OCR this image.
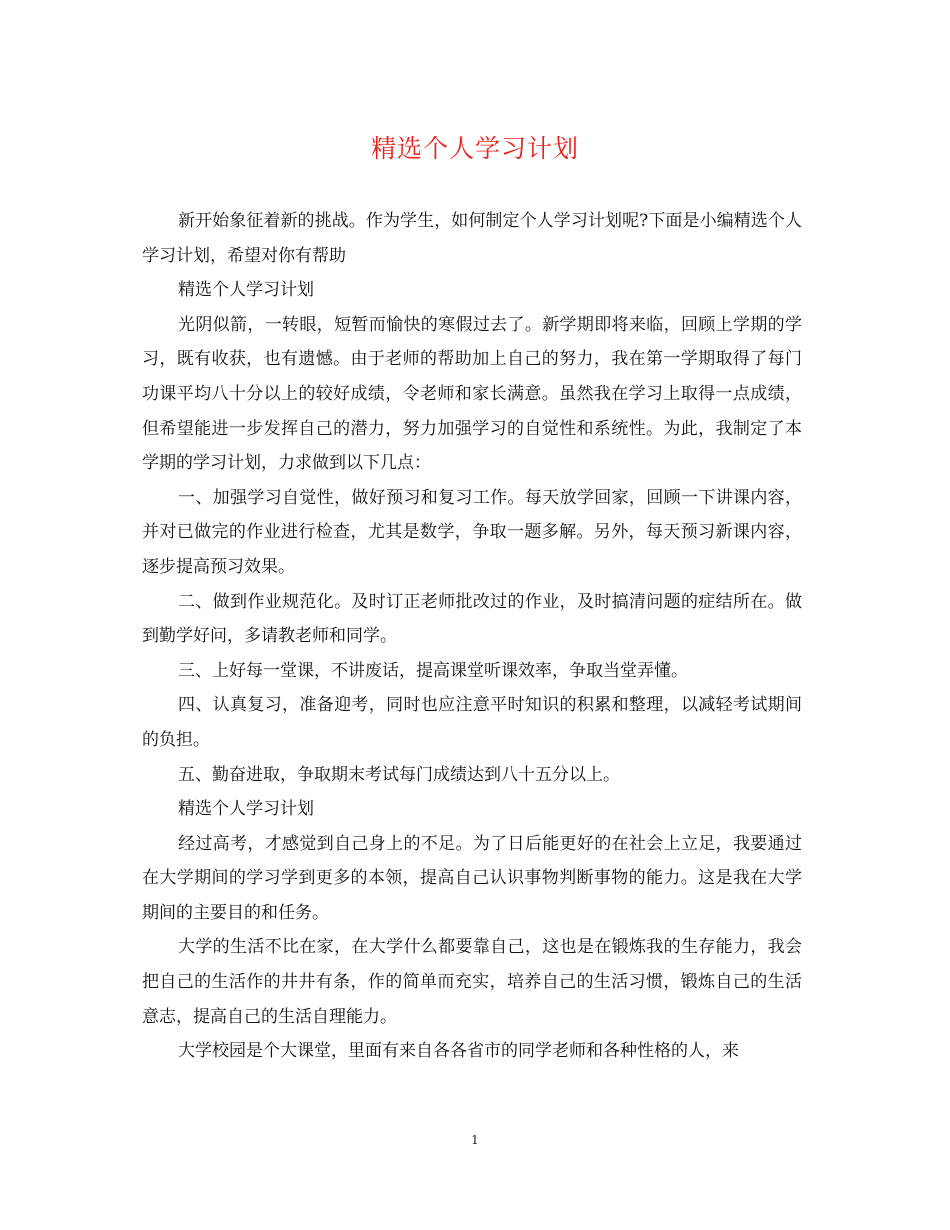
精选个人学习计划

新开始象征着新的挑战。作为学生，如何制定个人学习计划呢?下面是小编精选个人学习计划，希望对你有帮助

精选个人学习计划

光阴似箭，一转眼，短暂而愉快的寒假过去了。新学期即将来临，回顾上学期的学习，既有收获，也有遗憾。由于老师的帮助加上自己的努力，我在第一学期取得了每门功课平均八十分以上的较好成绩，令老师和家长满意。虽然我在学习上取得一点成绩，但希望能进一步发挥自己的潜力，努力加强学习的自觉性和系统性。为此，我制定了本学期的学习计划，力求做到以下几点：

一、加强学习自觉性，做好预习和复习工作。每天放学回家，回顾一下讲课内容，并对已做完的作业进行检查，尤其是数学，争取一题多解。另外，每天预习新课内容，逐步提高预习效果。

二、做到作业规范化。及时订正老师批改过的作业，及时搞清问题的症结所在。做到勤学好问，多请教老师和同学。

三、上好每一堂课，不讲废话，提高课堂听课效率，争取当堂弄懂。

四、认真复习，准备迎考，同时也应注意平时知识的积累和整理，以减轻考试期间的负担。

五、勤奋进取，争取期末考试每门成绩达到八十五分以上。

精选个人学习计划

经过高考，才感觉到自己身上的不足。为了日后能更好的在社会上立足，我要通过在大学期间的学习学到更多的本领，提高自己认识事物判断事物的能力。这是我在大学期间的主要目的和任务。

大学的生活不比在家，在大学什么都要靠自己，这也是在锻炼我的生存能力，我会把自己的生活作的井井有条，作的简单而充实，培养自己的生活习惯，锻炼自己的生活意志，提高自己的生活自理能力。

大学校园是个大课堂，里面有来自各各省市的同学老师和各种性格的人，来

1
